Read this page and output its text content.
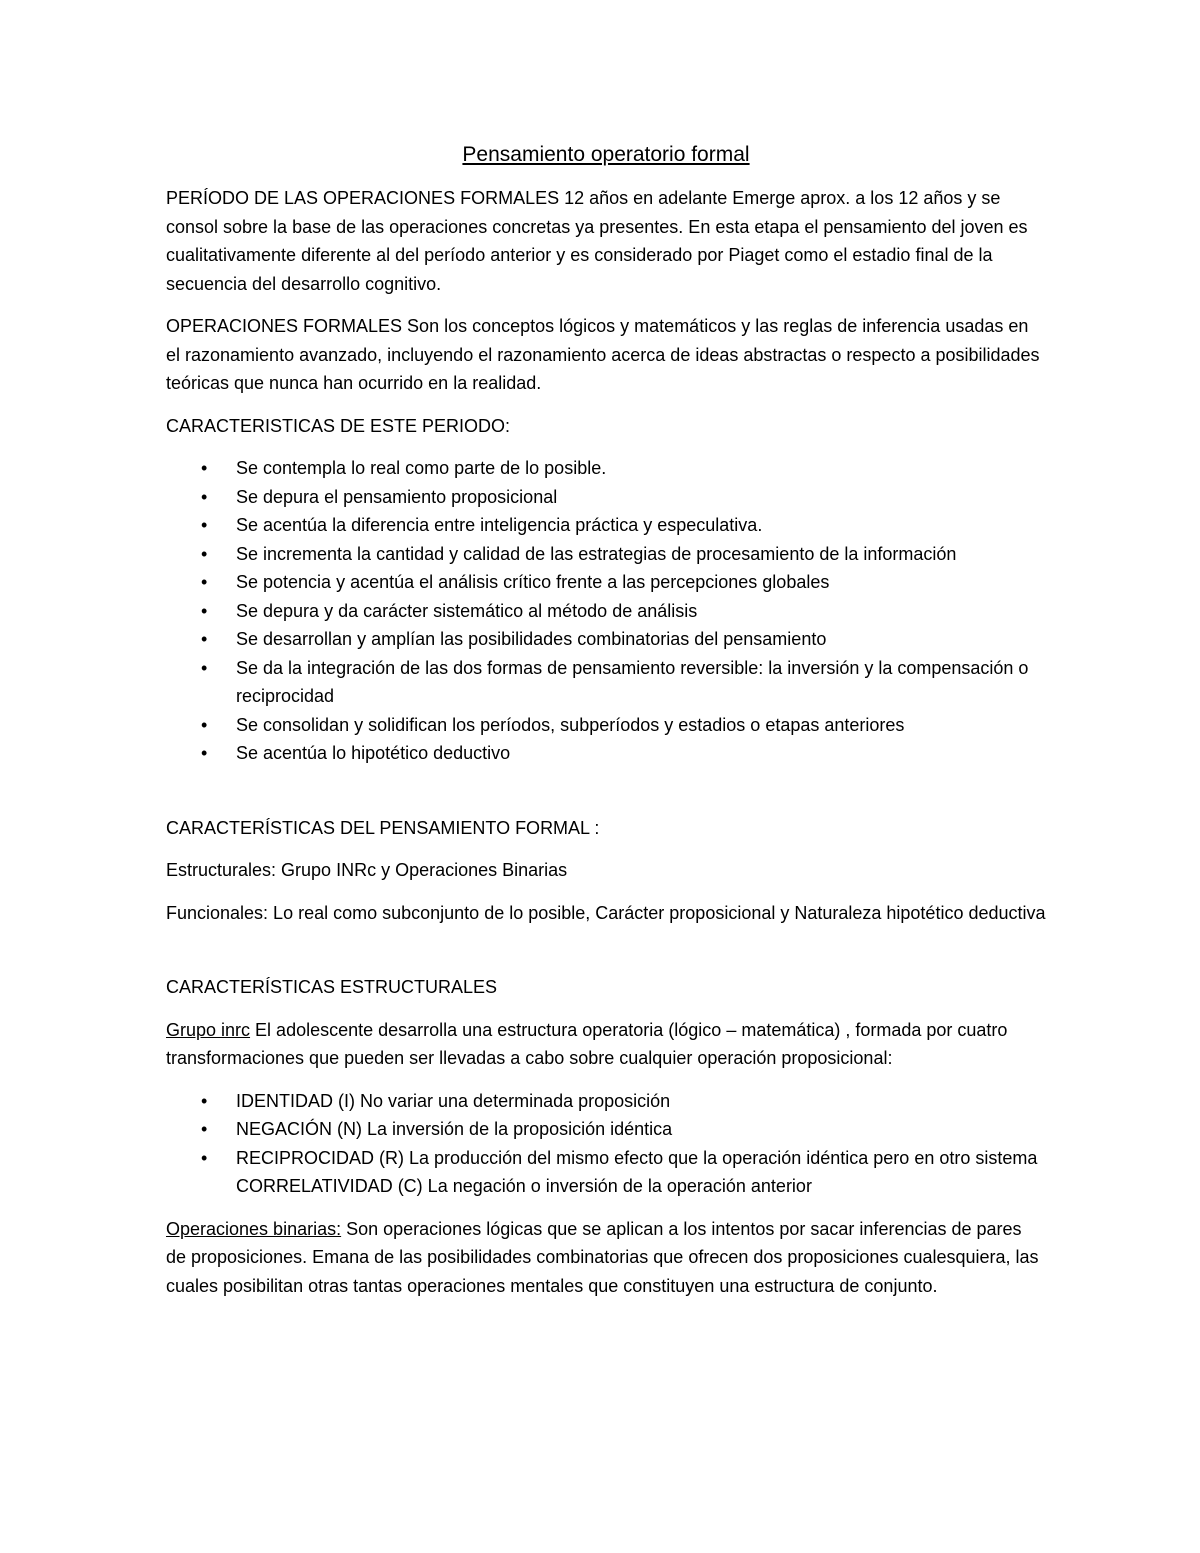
Pensamiento operatorio formal

PERÍODO DE LAS OPERACIONES FORMALES 12 años en adelante Emerge aprox. a los 12 años y se consol sobre la base de las operaciones concretas ya presentes. En esta etapa el pensamiento del joven es cualitativamente diferente al del período anterior y es considerado por Piaget como el estadio final de la secuencia del desarrollo cognitivo.

OPERACIONES FORMALES Son los conceptos lógicos y matemáticos y las reglas de inferencia usadas en el razonamiento avanzado, incluyendo el razonamiento acerca de ideas abstractas o respecto a posibilidades teóricas que nunca han ocurrido en la realidad.

CARACTERISTICAS DE ESTE PERIODO:

• Se contempla lo real como parte de lo posible.
• Se depura el pensamiento proposicional
• Se acentúa la diferencia entre inteligencia práctica y especulativa.
• Se incrementa la cantidad y calidad de las estrategias de procesamiento de la información
• Se potencia y acentúa el análisis crítico frente a las percepciones globales
• Se depura y da carácter sistemático al método de análisis
• Se desarrollan y amplían las posibilidades combinatorias del pensamiento
• Se da la integración de las dos formas de pensamiento reversible: la inversión y la compensación o reciprocidad
• Se consolidan y solidifican los períodos, subperíodos y estadios o etapas anteriores
• Se acentúa lo hipotético deductivo

CARACTERÍSTICAS DEL PENSAMIENTO FORMAL :

Estructurales: Grupo INRc y Operaciones Binarias

Funcionales: Lo real como subconjunto de lo posible, Carácter proposicional y Naturaleza hipotético deductiva

CARACTERÍSTICAS ESTRUCTURALES

Grupo inrc El adolescente desarrolla una estructura operatoria (lógico – matemática) , formada por cuatro transformaciones que pueden ser llevadas a cabo sobre cualquier operación proposicional:

• IDENTIDAD (I) No variar una determinada proposición
• NEGACIÓN (N) La inversión de la proposición idéntica
• RECIPROCIDAD (R) La producción del mismo efecto que la operación idéntica pero en otro sistema CORRELATIVIDAD (C) La negación o inversión de la operación anterior

Operaciones binarias: Son operaciones lógicas que se aplican a los intentos por sacar inferencias de pares de proposiciones. Emana de las posibilidades combinatorias que ofrecen dos proposiciones cualesquiera, las cuales posibilitan otras tantas operaciones mentales que constituyen una estructura de conjunto.
